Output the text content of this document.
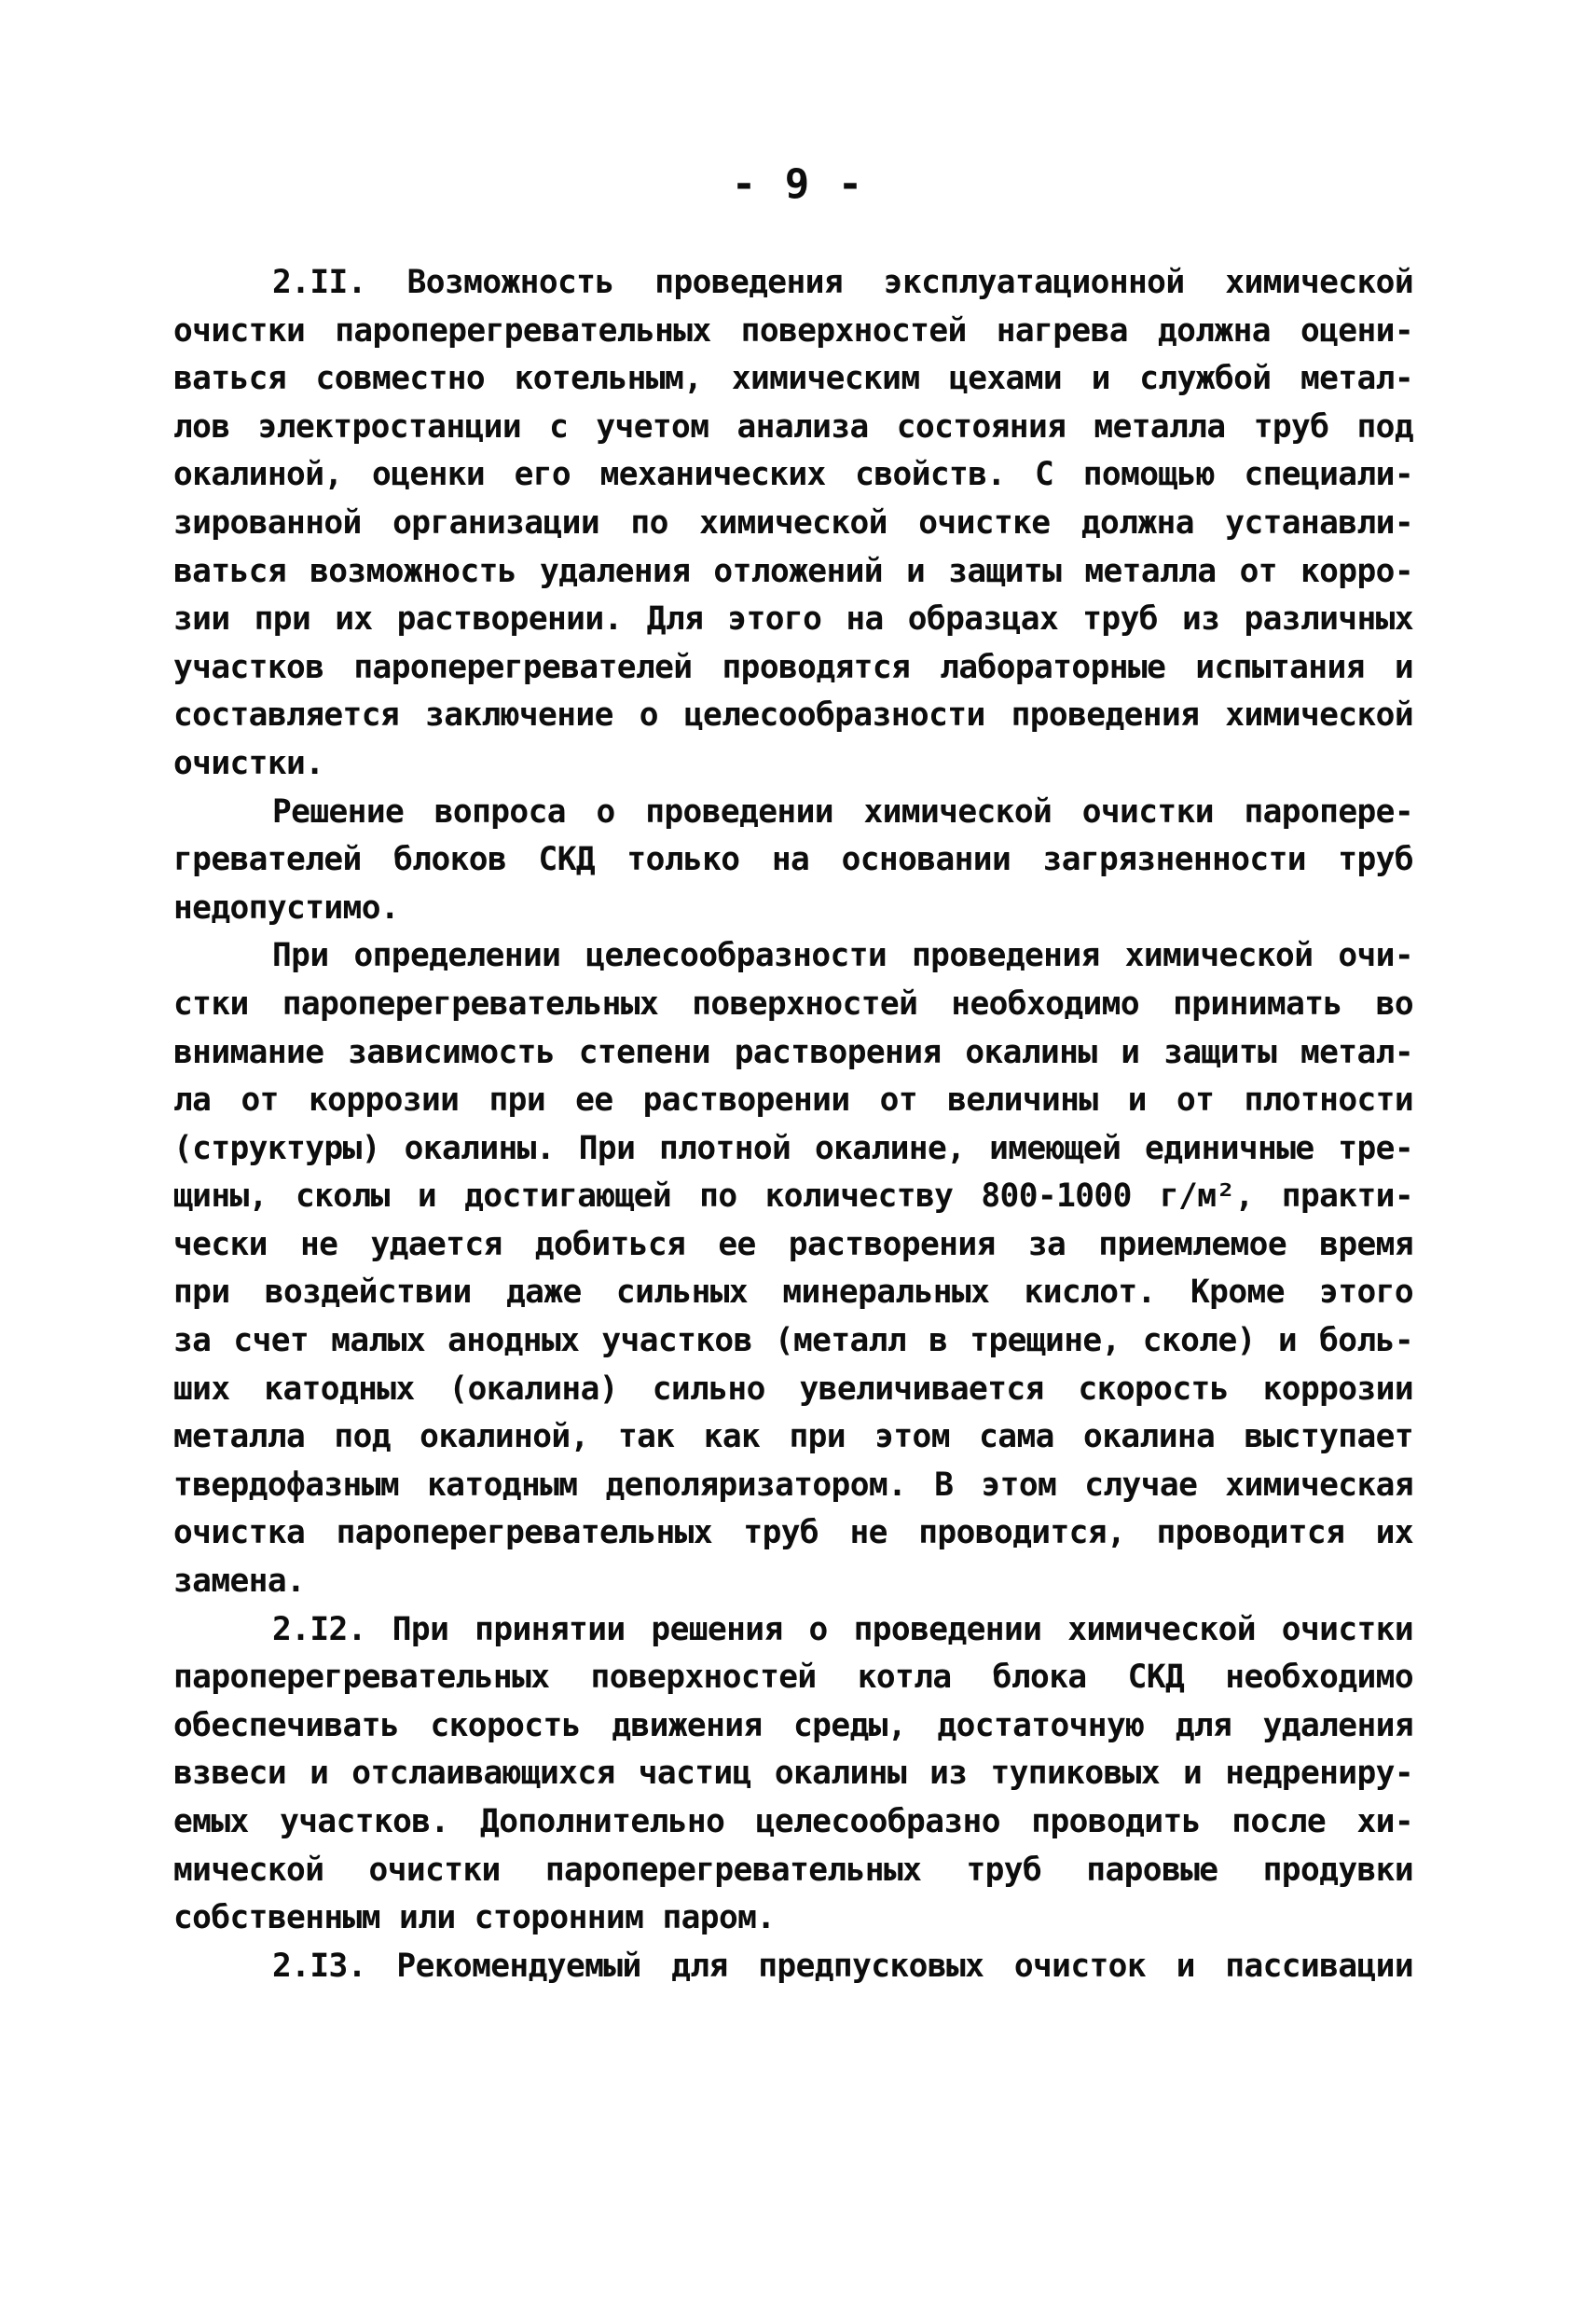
- 9 -
2.II. Возможность проведения эксплуатационной химической
очистки пароперегревательных поверхностей нагрева должна оцени-
ваться совместно котельным, химическим цехами и службой метал-
лов электростанции с учетом анализа состояния металла труб под
окалиной, оценки его механических свойств. С помощью специали-
зированной организации по химической очистке должна устанавли-
ваться возможность удаления отложений и защиты металла от корро-
зии при их растворении. Для этого на образцах труб из различных
участков пароперегревателей проводятся лабораторные испытания и
составляется заключение о целесообразности проведения химической
очистки.
Решение вопроса о проведении химической очистки паропере-
гревателей блоков СКД только на основании загрязненности труб
недопустимо.
При определении целесообразности проведения химической очи-
стки пароперегревательных поверхностей необходимо принимать во
внимание зависимость степени растворения окалины и защиты метал-
ла от коррозии при ее растворении от величины и от плотности
(структуры) окалины. При плотной окалине, имеющей единичные тре-
щины, сколы и достигающей по количеству 800-1000 г/м², практи-
чески не удается добиться ее растворения за приемлемое время
при воздействии даже сильных минеральных кислот. Кроме этого
за счет малых анодных участков (металл в трещине, сколе) и боль-
ших катодных (окалина) сильно увеличивается скорость коррозии
металла под окалиной, так как при этом сама окалина выступает
твердофазным катодным деполяризатором. В этом случае химическая
очистка пароперегревательных труб не проводится, проводится их
замена.
2.I2. При принятии решения о проведении химической очистки
пароперегревательных поверхностей котла блока СКД необходимо
обеспечивать скорость движения среды, достаточную для удаления
взвеси и отслаивающихся частиц окалины из тупиковых и недрениру-
емых участков. Дополнительно целесообразно проводить после хи-
мической очистки пароперегревательных труб паровые продувки
собственным или сторонним паром.
2.I3. Рекомендуемый для предпусковых очисток и пассивации
